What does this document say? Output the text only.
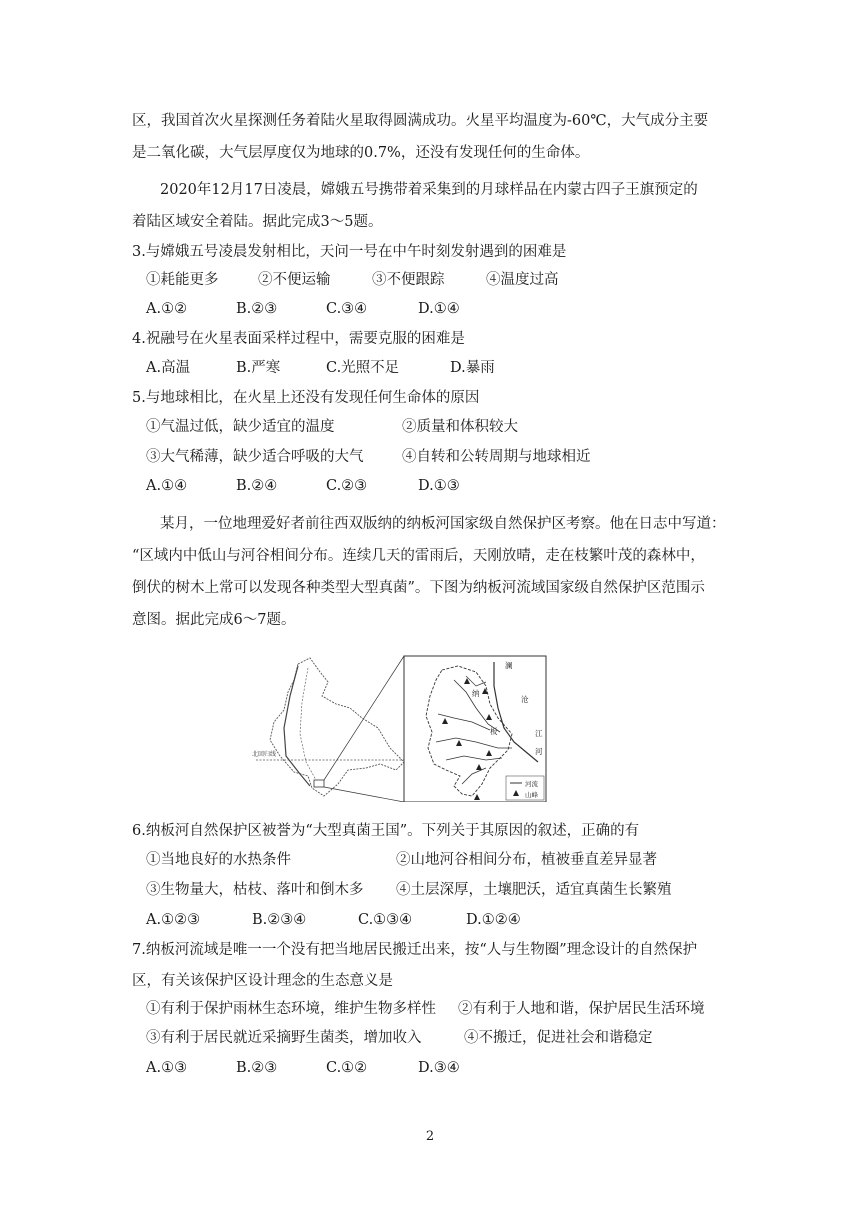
区，我国首次火星探测任务着陆火星取得圆满成功。火星平均温度为-60℃，大气成分主要
是二氧化碳，大气层厚度仅为地球的0.7%，还没有发现任何的生命体。
2020年12月17日凌晨，嫦娥五号携带着采集到的月球样品在内蒙古四子王旗预定的
着陆区域安全着陆。据此完成3～5题。
3.与嫦娥五号凌晨发射相比，天问一号在中午时刻发射遇到的困难是
①耗能更多	②不便运输	③不便跟踪	④温度过高
A.①②	B.②③	C.③④	D.①④
4.祝融号在火星表面采样过程中，需要克服的困难是
A.高温	B.严寒	C.光照不足	D.暴雨
5.与地球相比，在火星上还没有发现任何生命体的原因
①气温过低，缺少适宜的温度	②质量和体积较大
③大气稀薄，缺少适合呼吸的大气	④自转和公转周期与地球相近
A.①④	B.②④	C.②③	D.①③
某月，一位地理爱好者前往西双版纳的纳板河国家级自然保护区考察。他在日志中写道：
“区域内中低山与河谷相间分布。连续几天的雷雨后，天刚放晴，走在枝繁叶茂的森林中，
倒伏的树木上常可以发现各种类型大型真菌”。下图为纳板河流域国家级自然保护区范围示
意图。据此完成6～7题。
北回归线
澜
沧
江
河
纳
板
河流
山峰
6.纳板河自然保护区被誉为“大型真菌王国”。下列关于其原因的叙述，正确的有
①当地良好的水热条件	②山地河谷相间分布，植被垂直差异显著
③生物量大，枯枝、落叶和倒木多 ④土层深厚，土壤肥沃，适宜真菌生长繁殖
A.①②③	B.②③④	C.①③④	D.①②④
7.纳板河流域是唯一一个没有把当地居民搬迁出来，按“人与生物圈”理念设计的自然保护
区，有关该保护区设计理念的生态意义是
①有利于保护雨林生态环境，维护生物多样性 ②有利于人地和谐，保护居民生活环境
③有利于居民就近采摘野生菌类，增加收入	④不搬迁，促进社会和谐稳定
A.①③	B.②③	C.①②	D.③④
2
